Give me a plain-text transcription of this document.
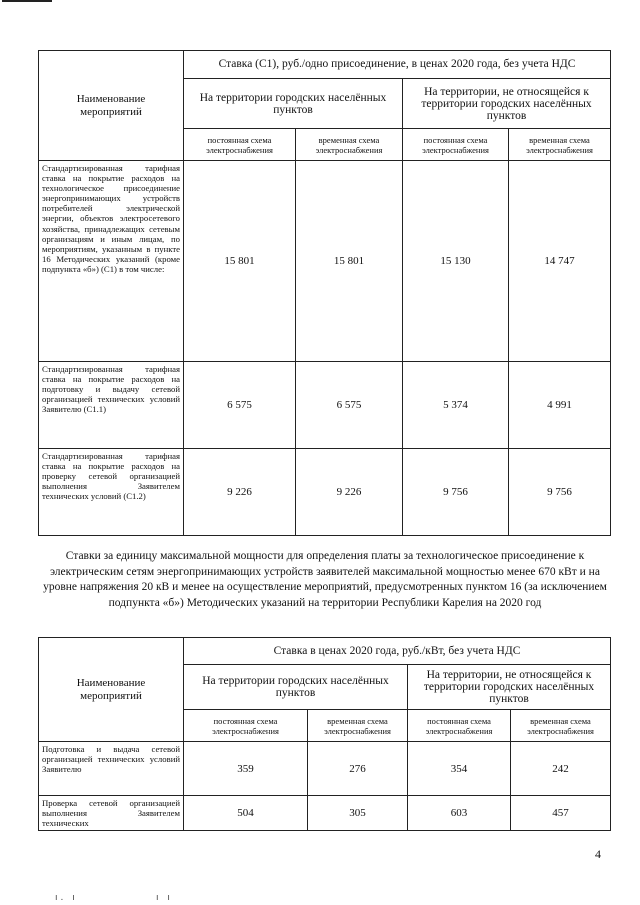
Наименование мероприятий	Ставка (С1), руб./одно присоединение, в ценах 2020 года, без учета НДС			
	На территории городских населённых пунктов		На территории, не относящейся к территории городских населённых пунктов	
	постоянная схема электроснабжения	временная схема электроснабжения	постоянная схема электроснабжения	временная схема электроснабжения
Стандартизированная тарифная ставка на покрытие расходов на технологическое присоединение энергопринимающих устройств потребителей электрической энергии, объектов электросетевого хозяйства, принадлежащих сетевым организациям и иным лицам, по мероприятиям, указанным в пункте 16 Методических указаний (кроме подпункта «б») (С1) в том числе:	15 801	15 801	15 130	14 747
Стандартизированная тарифная ставка на покрытие расходов на подготовку и выдачу сетевой организацией технических условий Заявителю (С1.1)	6 575	6 575	5 374	4 991
Стандартизированная тарифная ставка на покрытие расходов на проверку сетевой организацией выполнения Заявителем технических условий (С1.2)	9 226	9 226	9 756	9 756
Ставки за единицу максимальной мощности для определения платы за технологическое присоединение к электрическим сетям энергопринимающих устройств заявителей максимальной мощностью менее 670 кВт и на уровне напряжения 20 кВ и менее на осуществление мероприятий, предусмотренных пунктом 16 (за исключением подпункта «б») Методических указаний на территории Республики Карелия на 2020 год
Наименование мероприятий	Ставка в ценах 2020 года, руб./кВт, без учета НДС			
	На территории городских населённых пунктов		На территории, не относящейся к территории городских населённых пунктов	
	постоянная схема электроснабжения	временная схема электроснабжения	постоянная схема электроснабжения	временная схема электроснабжения
Подготовка и выдача сетевой организацией технических условий Заявителю	359	276	354	242
Проверка сетевой организацией выполнения Заявителем технических	504	305	603	457
4
ı. ı	ı ı
